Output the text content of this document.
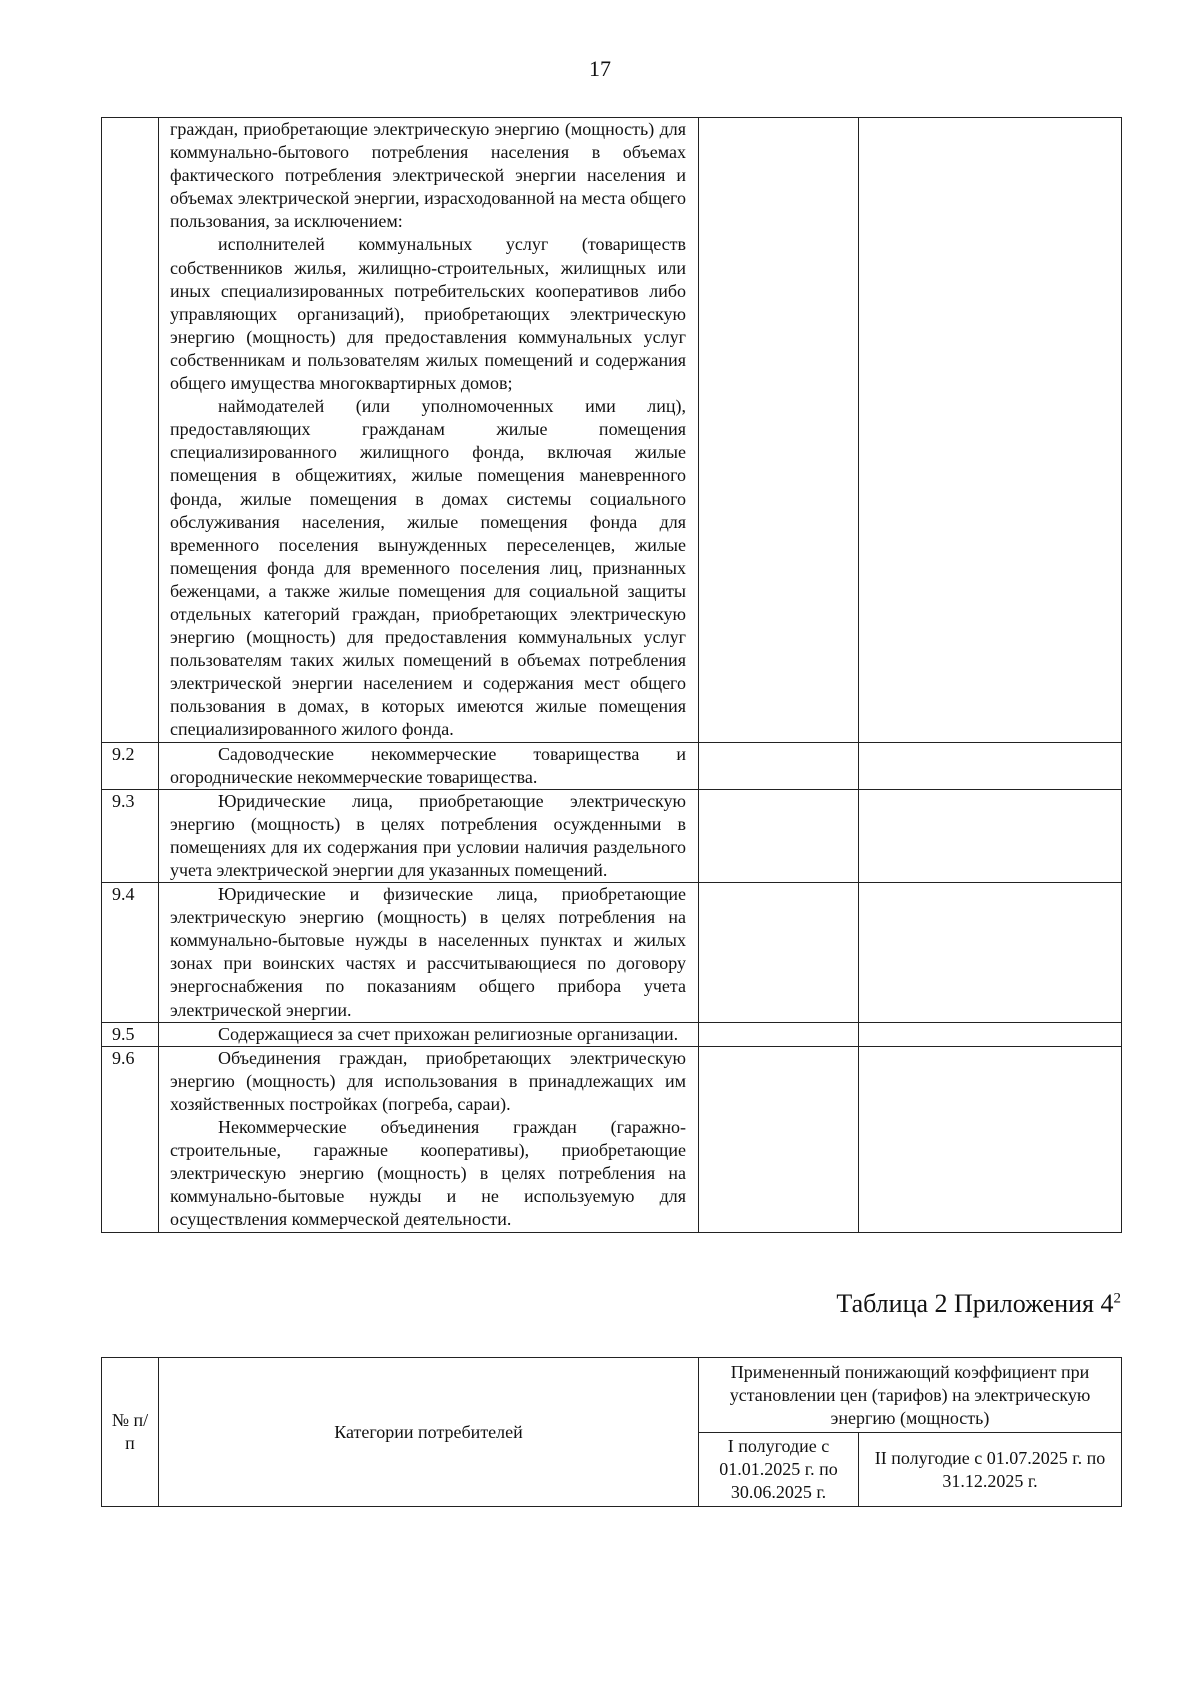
17

	граждан, приобретающие электрическую энергию (мощность) для коммунально-бытового потребления населения в объемах фактического потребления электрической энергии населения и объемах электрической энергии, израсходованной на места общего пользования, за исключением:

исполнителей коммунальных услуг (товариществ собственников жилья, жилищно-строительных, жилищных или иных специализированных потребительских кооперативов либо управляющих организаций), приобретающих электрическую энергию (мощность) для предоставления коммунальных услуг собственникам и пользователям жилых помещений и содержания общего имущества многоквартирных домов;

наймодателей (или уполномоченных ими лиц), предоставляющих гражданам жилые помещения специализированного жилищного фонда, включая жилые помещения в общежитиях, жилые помещения маневренного фонда, жилые помещения в домах системы социального обслуживания населения, жилые помещения фонда для временного поселения вынужденных переселенцев, жилые помещения фонда для временного поселения лиц, признанных беженцами, а также жилые помещения для социальной защиты отдельных категорий граждан, приобретающих электрическую энергию (мощность) для предоставления коммунальных услуг пользователям таких жилых помещений в объемах потребления электрической энергии населением и содержания мест общего пользования в домах, в которых имеются жилые помещения специализированного жилого фонда.		

9.2	Садоводческие некоммерческие товарищества и огороднические некоммерческие товарищества.		

9.3	Юридические лица, приобретающие электрическую энергию (мощность) в целях потребления осужденными в помещениях для их содержания при условии наличия раздельного учета электрической энергии для указанных помещений.		

9.4	Юридические и физические лица, приобретающие электрическую энергию (мощность) в целях потребления на коммунально-бытовые нужды в населенных пунктах и жилых зонах при воинских частях и рассчитывающиеся по договору энергоснабжения по показаниям общего прибора учета электрической энергии.		

9.5	Содержащиеся за счет прихожан религиозные организации.		

9.6	Объединения граждан, приобретающих электрическую энергию (мощность) для использования в принадлежащих им хозяйственных постройках (погреба, сараи).

Некоммерческие объединения граждан (гаражно-строительные, гаражные кооперативы), приобретающие электрическую энергию (мощность) в целях потребления на коммунально-бытовые нужды и не используемую для осуществления коммерческой деятельности.		

Таблица 2 Приложения $4^2$
№ п/п	Категории потребителей	Примененный понижающий коэффициент при установлении цен (тарифов) на электрическую энергию (мощность)	
		I полугодие с 01.01.2025 г. по 30.06.2025 г.	II полугодие с 01.07.2025 г. по 31.12.2025 г.
